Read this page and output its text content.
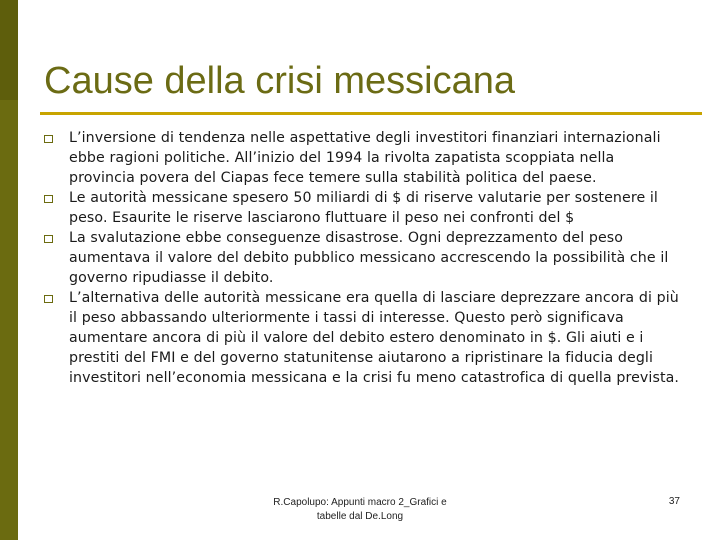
Cause della crisi messicana
L’inversione di tendenza nelle aspettative degli investitori finanziari internazionali ebbe ragioni politiche. All’inizio del 1994 la rivolta zapatista scoppiata nella provincia povera del Ciapas fece temere sulla stabilità politica del paese.
Le autorità messicane spesero 50 miliardi di $ di riserve valutarie per sostenere il peso. Esaurite le riserve lasciarono fluttuare il peso nei confronti del $
La svalutazione ebbe conseguenze disastrose. Ogni deprezzamento del peso aumentava il valore del debito pubblico messicano accrescendo la possibilità che il governo ripudiasse il debito.
L’alternativa delle autorità messicane era quella di lasciare deprezzare ancora di più il peso abbassando ulteriormente i tassi di interesse. Questo però significava aumentare ancora di più il valore del debito estero denominato in $. Gli aiuti e i prestiti del FMI e del governo statunitense aiutarono a ripristinare la fiducia degli investitori nell’economia messicana e la crisi fu meno catastrofica di quella prevista.
R.Capolupo: Appunti macro 2_Grafici e
tabelle dal De.Long
37
